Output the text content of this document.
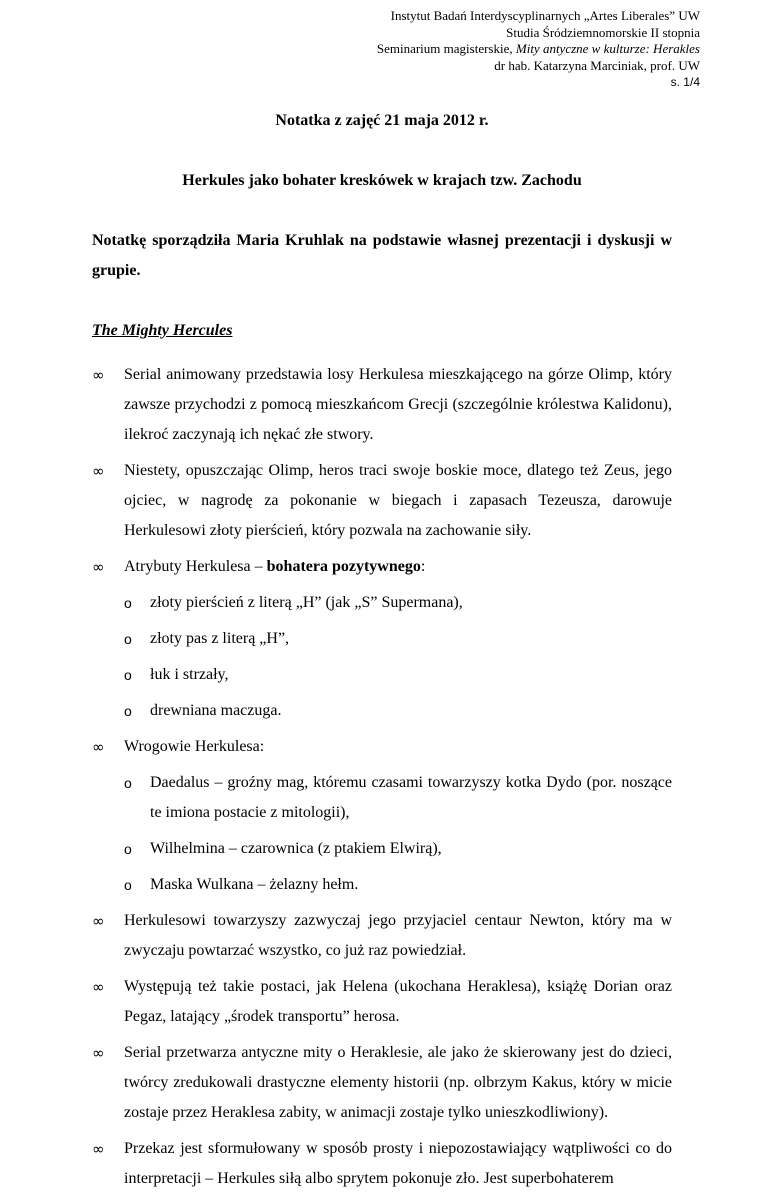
Instytut Badań Interdyscyplinarnych „Artes Liberales” UW
Studia Śródziemnomorskie II stopnia
Seminarium magisterskie, Mity antyczne w kulturze: Herakles
dr hab. Katarzyna Marciniak, prof. UW
s. 1/4
Notatka z zajęć 21 maja 2012 r.
Herkules jako bohater kreskówek w krajach tzw. Zachodu
Notatkę sporządziła Maria Kruhlak na podstawie własnej prezentacji i dyskusji w grupie.
The Mighty Hercules
∞ Serial animowany przedstawia losy Herkulesa mieszkającego na górze Olimp, który zawsze przychodzi z pomocą mieszkańcom Grecji (szczególnie królestwa Kalidonu), ilekroć zaczynają ich nękać złe stwory.
∞ Niestety, opuszczając Olimp, heros traci swoje boskie moce, dlatego też Zeus, jego ojciec, w nagrodę za pokonanie w biegach i zapasach Tezeusza, darowuje Herkulesowi złoty pierścień, który pozwala na zachowanie siły.
∞ Atrybuty Herkulesa – bohatera pozytywnego:
o złoty pierścień z literą „H” (jak „S” Supermana),
o złoty pas z literą „H”,
o łuk i strzały,
o drewniana maczuga.
∞ Wrogowie Herkulesa:
o Daedalus – groźny mag, któremu czasami towarzyszy kotka Dydo (por. noszące te imiona postacie z mitologii),
o Wilhelmina – czarownica (z ptakiem Elwirą),
o Maska Wulkana – żelazny hełm.
∞ Herkulesowi towarzyszy zazwyczaj jego przyjaciel centaur Newton, który ma w zwyczaju powtarzać wszystko, co już raz powiedział.
∞ Występują też takie postaci, jak Helena (ukochana Heraklesa), książę Dorian oraz Pegaz, latający „środek transportu” herosa.
∞ Serial przetwarza antyczne mity o Heraklesie, ale jako że skierowany jest do dzieci, twórcy zredukowali drastyczne elementy historii (np. olbrzym Kakus, który w micie zostaje przez Heraklesa zabity, w animacji zostaje tylko unieszkodliwiony).
∞ Przekaz jest sformułowany w sposób prosty i niepozostawiający wątpliwości co do interpretacji – Herkules siłą albo sprytem pokonuje zło. Jest superbohaterem
